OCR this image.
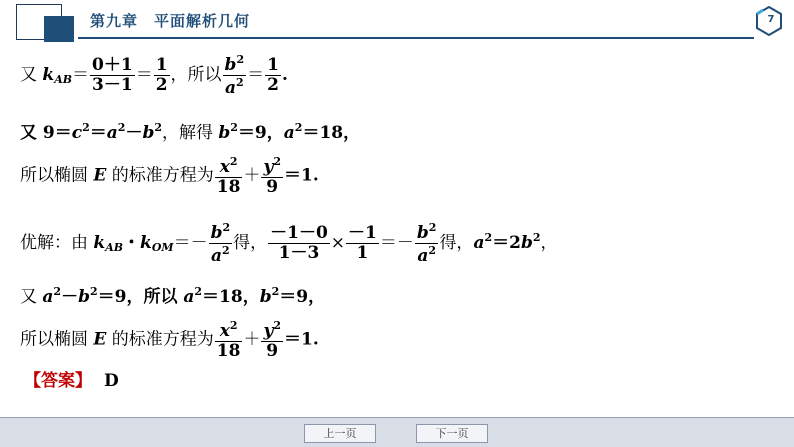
第九章　平面解析几何	7
又 $k_{AB}= \frac{0+1}{3-1} = \frac{1}{2}$ ，所以 $\frac{b^2}{a^2} = \frac{1}{2}$ .
又 $9=c^2=a^2-b^2$，解得 $b^2=9$，$a^2=18$，
所以椭圆 E 的标准方程为 $\frac{x^2}{18} + \frac{y^2}{9} =1$.
优解：由 $k_{AB}$・$k_{OM}=- \frac{b^2}{a^2}$ 得， $\frac{-1-0}{1-3} \times \frac{-1}{1} =- \frac{b^2}{a^2}$ 得，$a^2=2b^2$，
又 $a^2-b^2=9$，所以 $a^2=18$，$b^2=9$，
所以椭圆 E 的标准方程为 $\frac{x^2}{18} + \frac{y^2}{9} =1$.
【答案】 D
上一页	下一页
